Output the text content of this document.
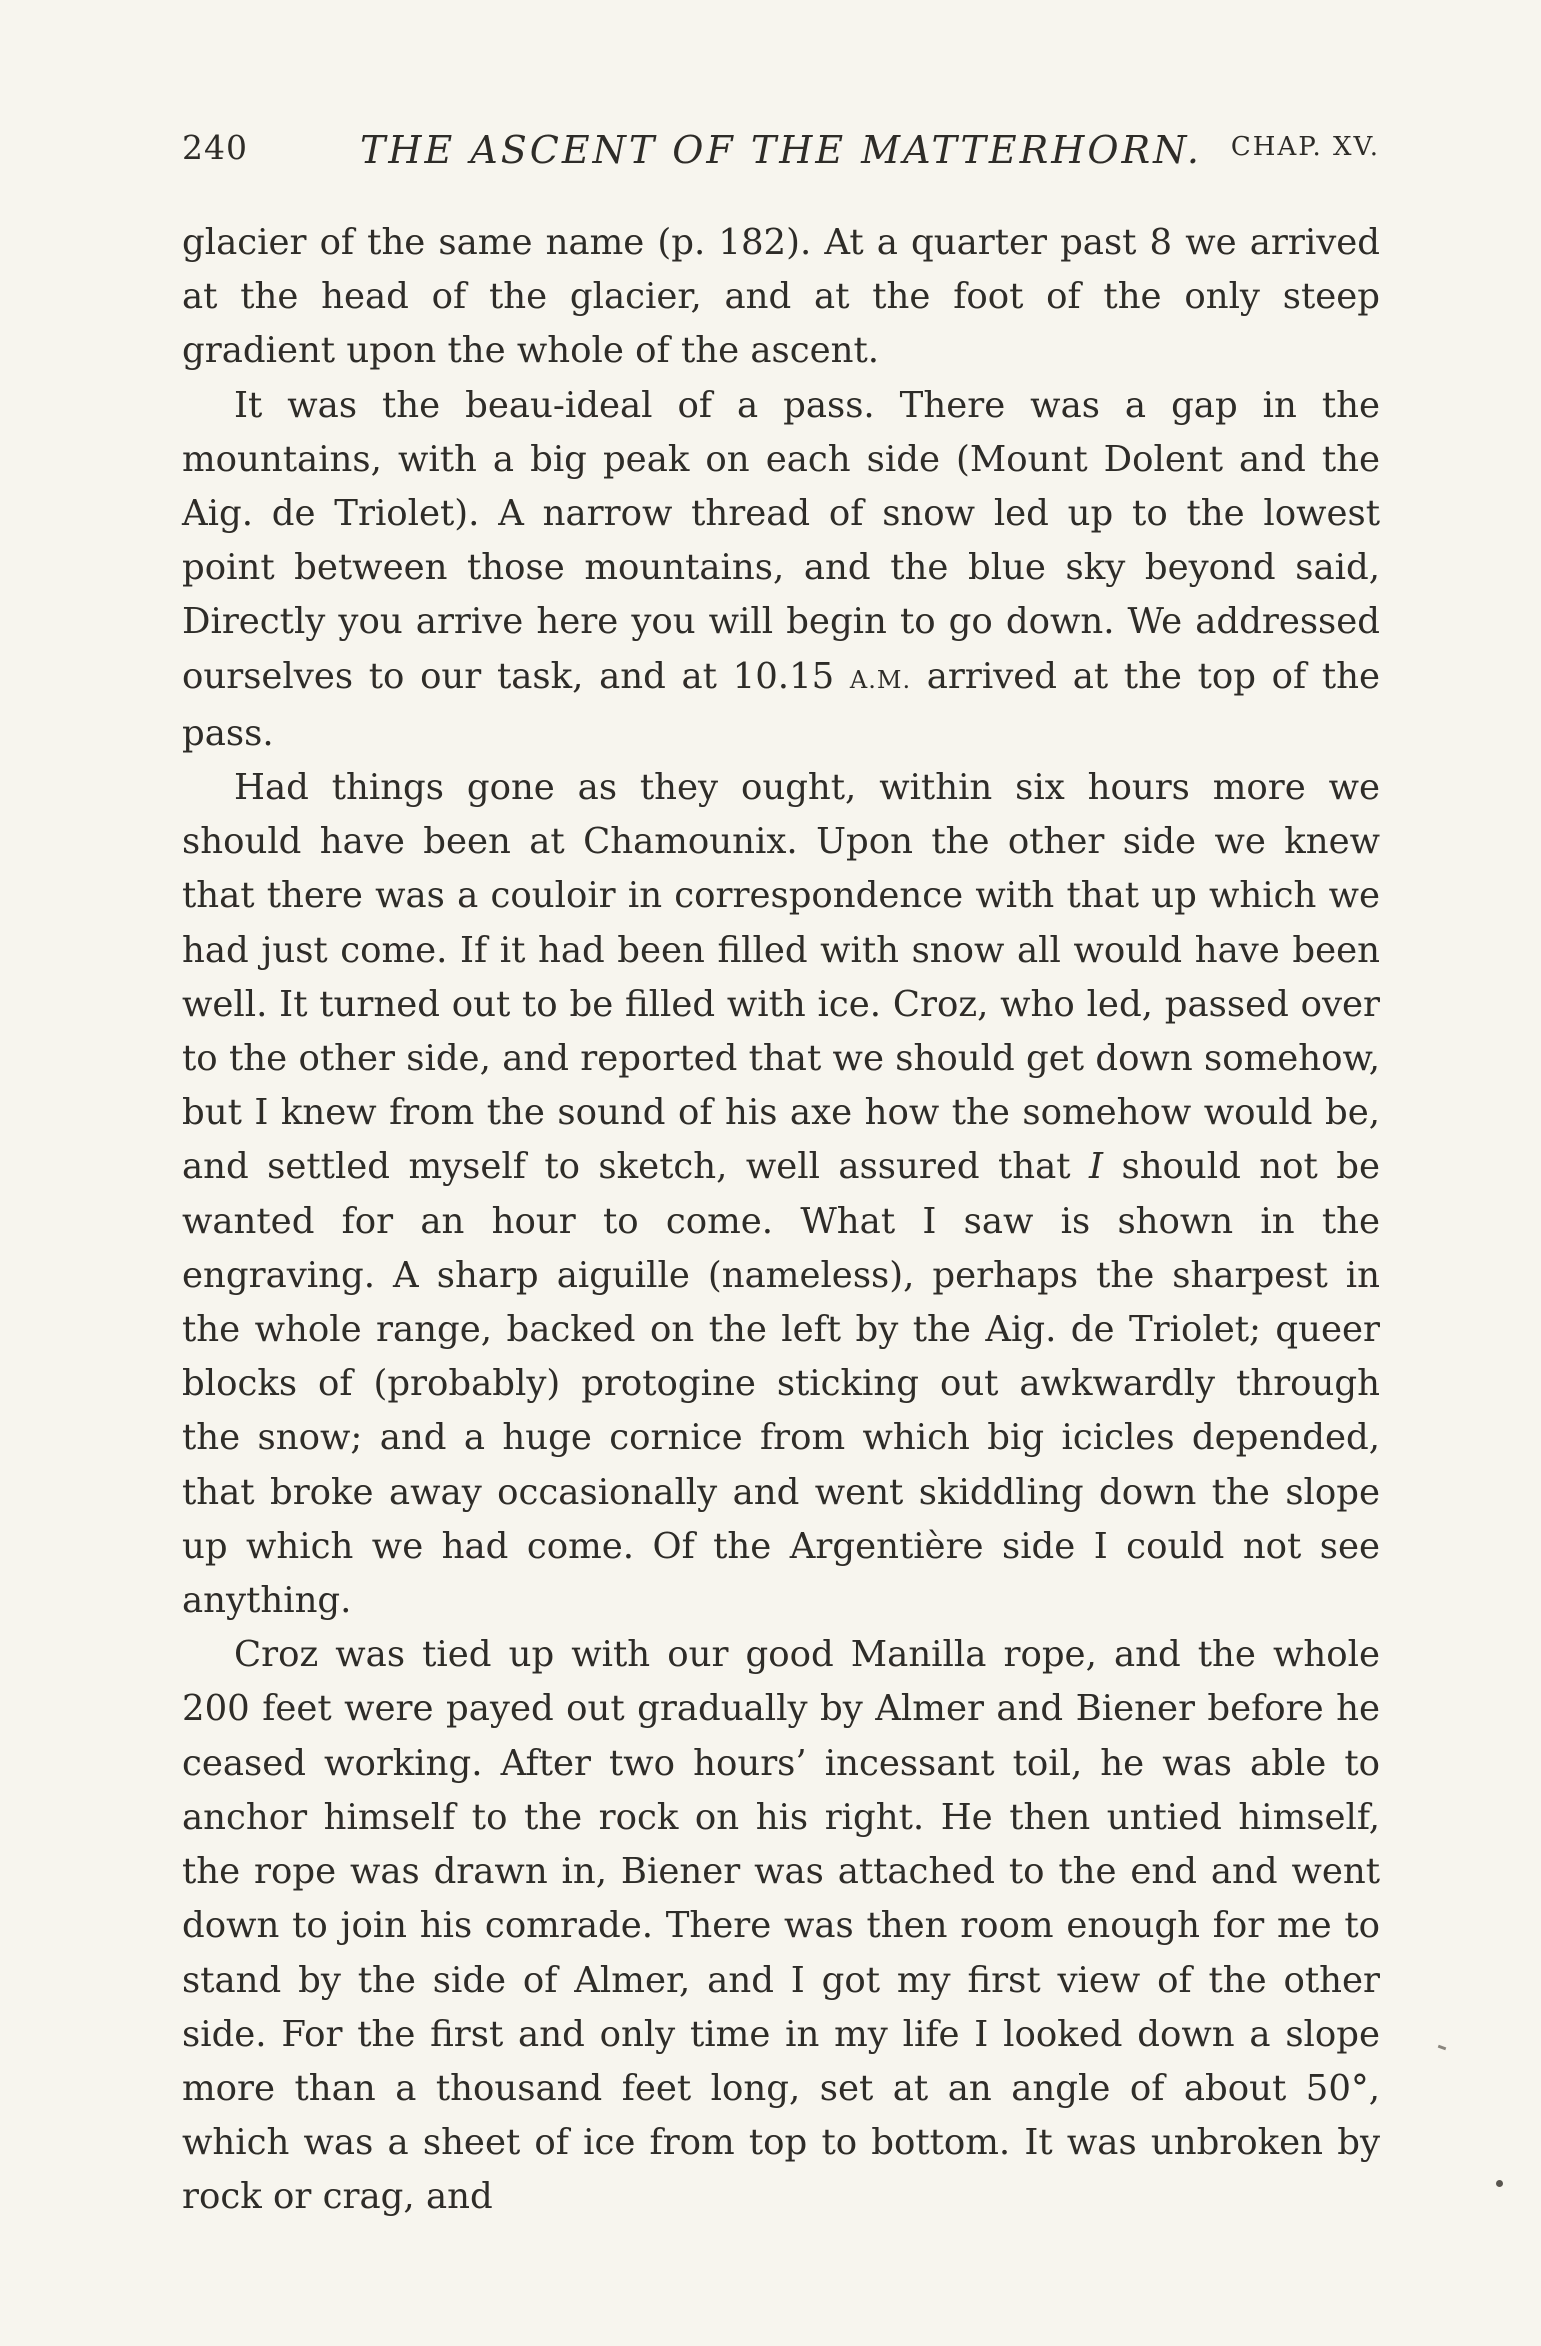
240	THE ASCENT OF THE MATTERHORN.	CHAP. XV.

glacier of the same name (p. 182). At a quarter past 8 we arrived at the head of the glacier, and at the foot of the only steep gradient upon the whole of the ascent.

It was the beau-ideal of a pass. There was a gap in the mountains, with a big peak on each side (Mount Dolent and the Aig. de Triolet). A narrow thread of snow led up to the lowest point between those mountains, and the blue sky beyond said, Directly you arrive here you will begin to go down. We addressed ourselves to our task, and at 10.15 A.M. arrived at the top of the pass.

Had things gone as they ought, within six hours more we should have been at Chamounix. Upon the other side we knew that there was a couloir in correspondence with that up which we had just come. If it had been filled with snow all would have been well. It turned out to be filled with ice. Croz, who led, passed over to the other side, and reported that we should get down somehow, but I knew from the sound of his axe how the somehow would be, and settled myself to sketch, well assured that I should not be wanted for an hour to come. What I saw is shown in the engraving. A sharp aiguille (nameless), perhaps the sharpest in the whole range, backed on the left by the Aig. de Triolet; queer blocks of (probably) protogine sticking out awkwardly through the snow; and a huge cornice from which big icicles depended, that broke away occasionally and went skiddling down the slope up which we had come. Of the Argentière side I could not see anything.

Croz was tied up with our good Manilla rope, and the whole 200 feet were payed out gradually by Almer and Biener before he ceased working. After two hours’ incessant toil, he was able to anchor himself to the rock on his right. He then untied himself, the rope was drawn in, Biener was attached to the end and went down to join his comrade. There was then room enough for me to stand by the side of Almer, and I got my first view of the other side. For the first and only time in my life I looked down a slope more than a thousand feet long, set at an angle of about 50°, which was a sheet of ice from top to bottom. It was unbroken by rock or crag, and
